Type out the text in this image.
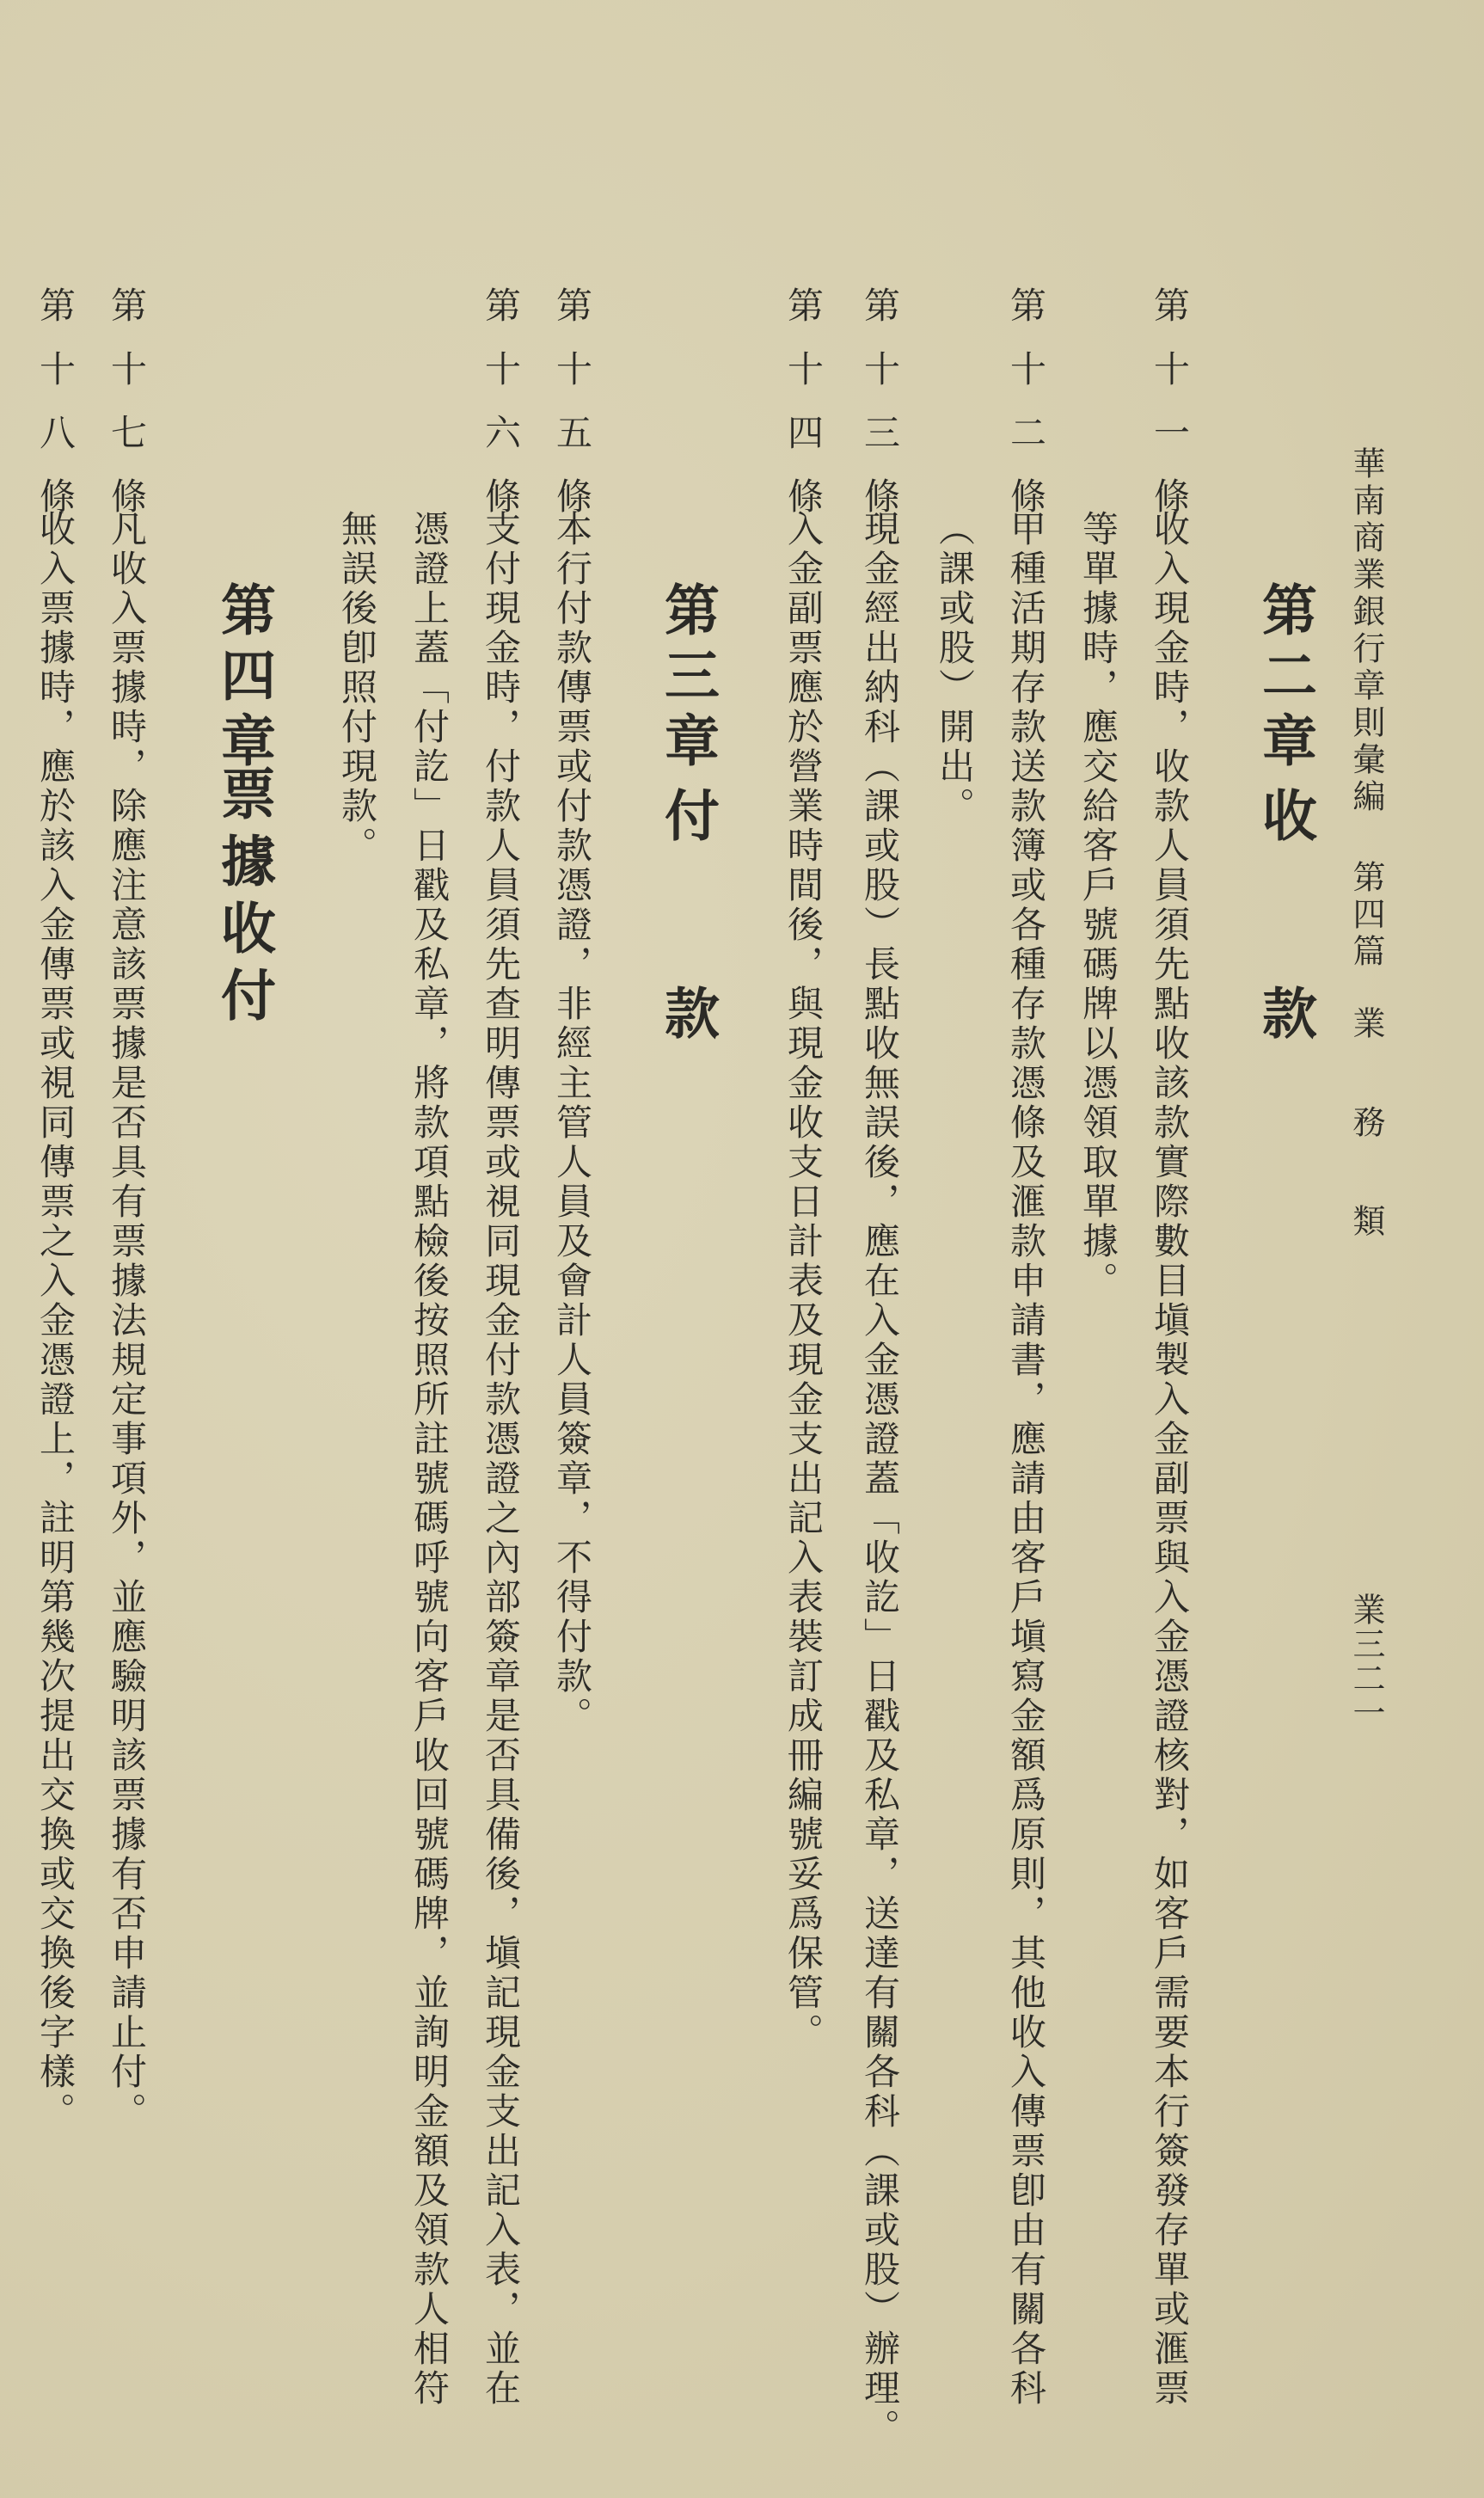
華南商業銀行章則彙編
第四篇
業務類
業三二一
第二章
收
款
第十一條
收入現金時，收款人員須先點收該款實際數目塡製入金副票與入金憑證核對，如客戶需要本行簽發存單或滙票
等單據時，應交給客戶號碼牌以憑領取單據。
第十二條
甲種活期存款送款簿或各種存款憑條及滙款申請書，應請由客戶塡寫金額爲原則，其他收入傳票卽由有關各科
（課或股）開出。
第十三條
現金經出納科（課或股）長點收無誤後，應在入金憑證蓋「收訖」日戳及私章，送達有關各科（課或股）辦理。
第十四條
入金副票應於營業時間後，與現金收支日計表及現金支出記入表裝訂成冊編號妥爲保管。
第三章
付
款
第十五條
本行付款傳票或付款憑證，非經主管人員及會計人員簽章，不得付款。
第十六條
支付現金時，付款人員須先查明傳票或視同現金付款憑證之內部簽章是否具備後，塡記現金支出記入表，並在
憑證上蓋「付訖」日戳及私章，將款項點檢後按照所註號碼呼號向客戶收回號碼牌，並詢明金額及領款人相符
無誤後卽照付現款。
第四章
票據收付
第十七條
凡收入票據時，除應注意該票據是否具有票據法規定事項外，並應驗明該票據有否申請止付。
第十八條
收入票據時，應於該入金傳票或視同傳票之入金憑證上，註明第幾次提出交換或交換後字樣。
